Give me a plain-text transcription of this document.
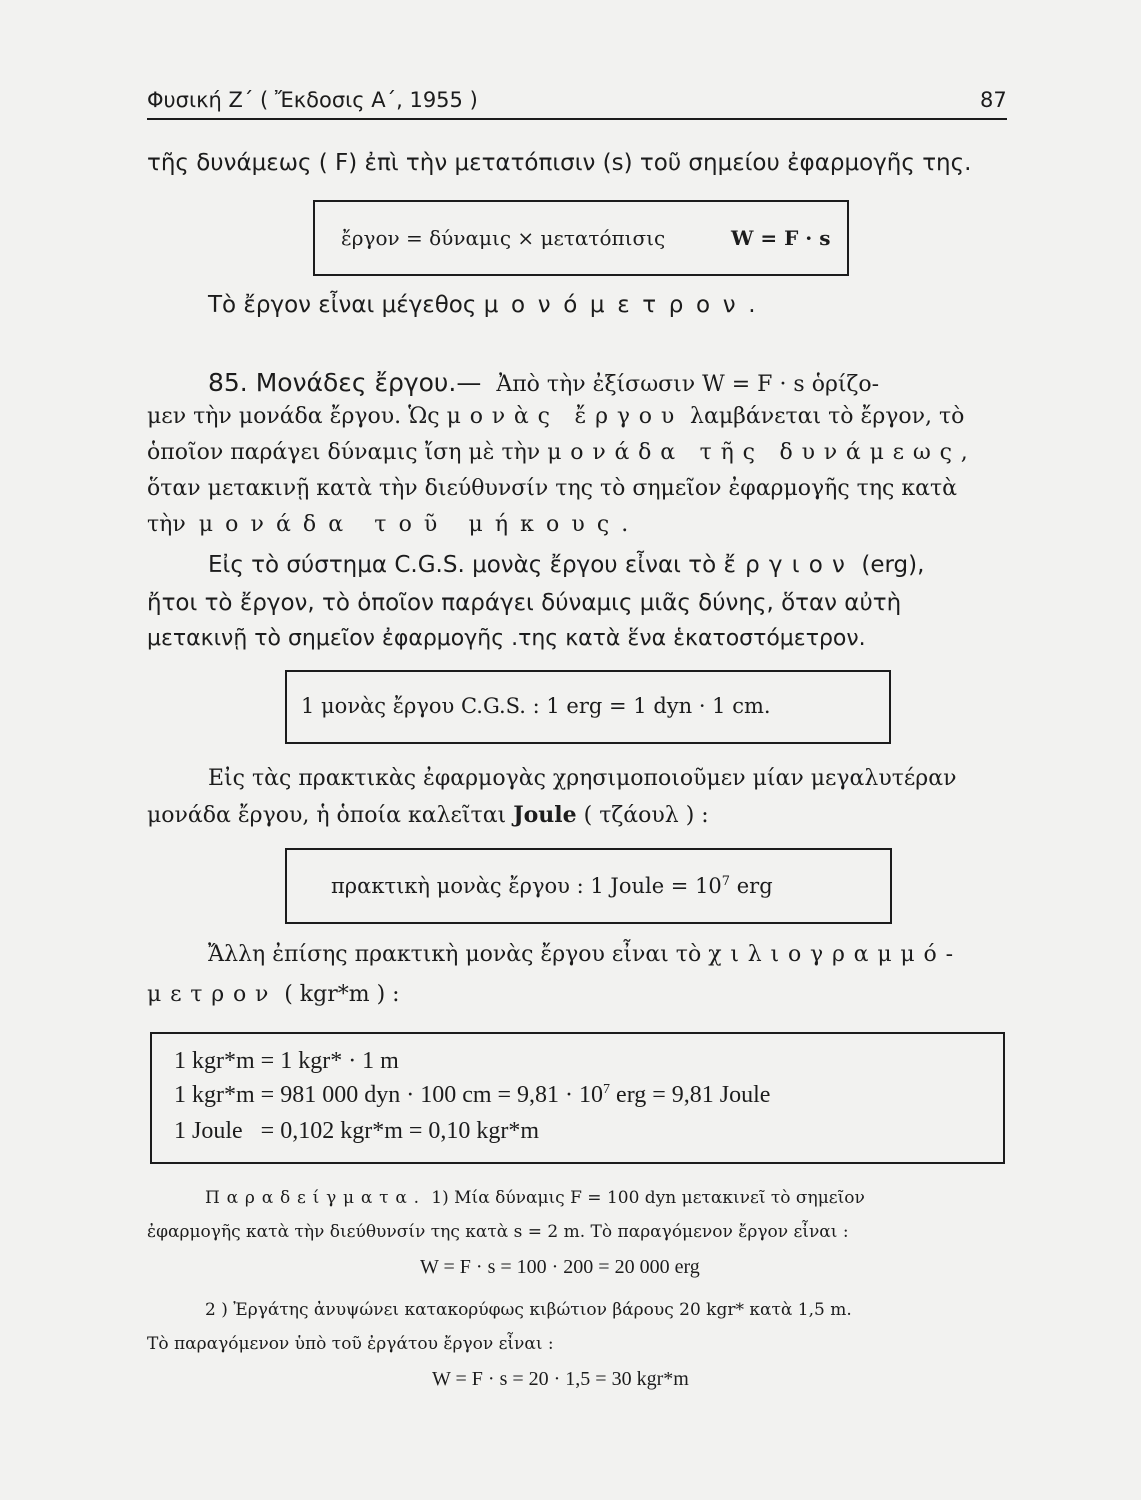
Φυσική Z΄ ( Ἔκδοσις Α΄, 1955 )	87
τῆς δυνάμεως ( F) ἐπὶ τὴν μετατόπισιν (s) τοῦ σημείου ἐφαρμογῆς της.
ἔργον = δύναμις × μετατόπισις	W = F · s
Τὸ ἔργον εἶναι μέγεθος μονόμετρον.
85. Μονάδες ἔργου.— Ἀπὸ τὴν ἐξίσωσιν W = F · s ὁρίζο-
μεν τὴν μονάδα ἔργου. Ὡς μονὰς ἔργου λαμβάνεται τὸ ἔργον, τὸ
ὁποῖον παράγει δύναμις ἴση μὲ τὴν μονάδα τῆς δυνάμεως,
ὅταν μετακινῇ κατὰ τὴν διεύθυνσίν της τὸ σημεῖον ἐφαρμογῆς της κατὰ
τὴν μονάδα τοῦ μήκους.
Εἰς τὸ σύστημα C.G.S. μονὰς ἔργου εἶναι τὸ ἔργιον (erg),
ἤτοι τὸ ἔργον, τὸ ὁποῖον παράγει δύναμις μιᾶς δύνης, ὅταν αὐτὴ
μετακινῇ τὸ σημεῖον ἐφαρμογῆς .της κατὰ ἕνα ἑκατοστόμετρον.
1 μονὰς ἔργου C.G.S. : 1 erg = 1 dyn · 1 cm.
Εἰς τὰς πρακτικὰς ἐφαρμογὰς χρησιμοποιοῦμεν μίαν μεγαλυτέραν
μονάδα ἔργου, ἡ ὁποία καλεῖται Joule ( τζάουλ ) :
πρακτικὴ μονὰς ἔργου : 1 Joule = $10^7$ erg
Ἄλλη ἐπίσης πρακτικὴ μονὰς ἔργου εἶναι τὸ χιλιογραμμό-
μετρον ( kgr*m ) :
1 kgr*m = 1 kgr* · 1 m
1 kgr*m = 981 000 dyn · 100 cm = $9,81 \cdot 10^7$ erg = 9,81 Joule
1 Joule   = 0,102 kgr*m = 0,10 kgr*m
Παραδείγματα. 1) Μία δύναμις F = 100 dyn μετακινεῖ τὸ σημεῖον
ἐφαρμογῆς κατὰ τὴν διεύθυνσίν της κατὰ s = 2 m. Τὸ παραγόμενον ἔργον εἶναι :
W = F · s = 100 · 200 = 20 000 erg
2 ) Ἐργάτης ἀνυψώνει κατακορύφως κιβώτιον βάρους 20 kgr* κατὰ 1,5 m.
Τὸ παραγόμενον ὑπὸ τοῦ ἐργάτου ἔργον εἶναι :
W = F · s = 20 · 1,5 = 30 kgr*m
